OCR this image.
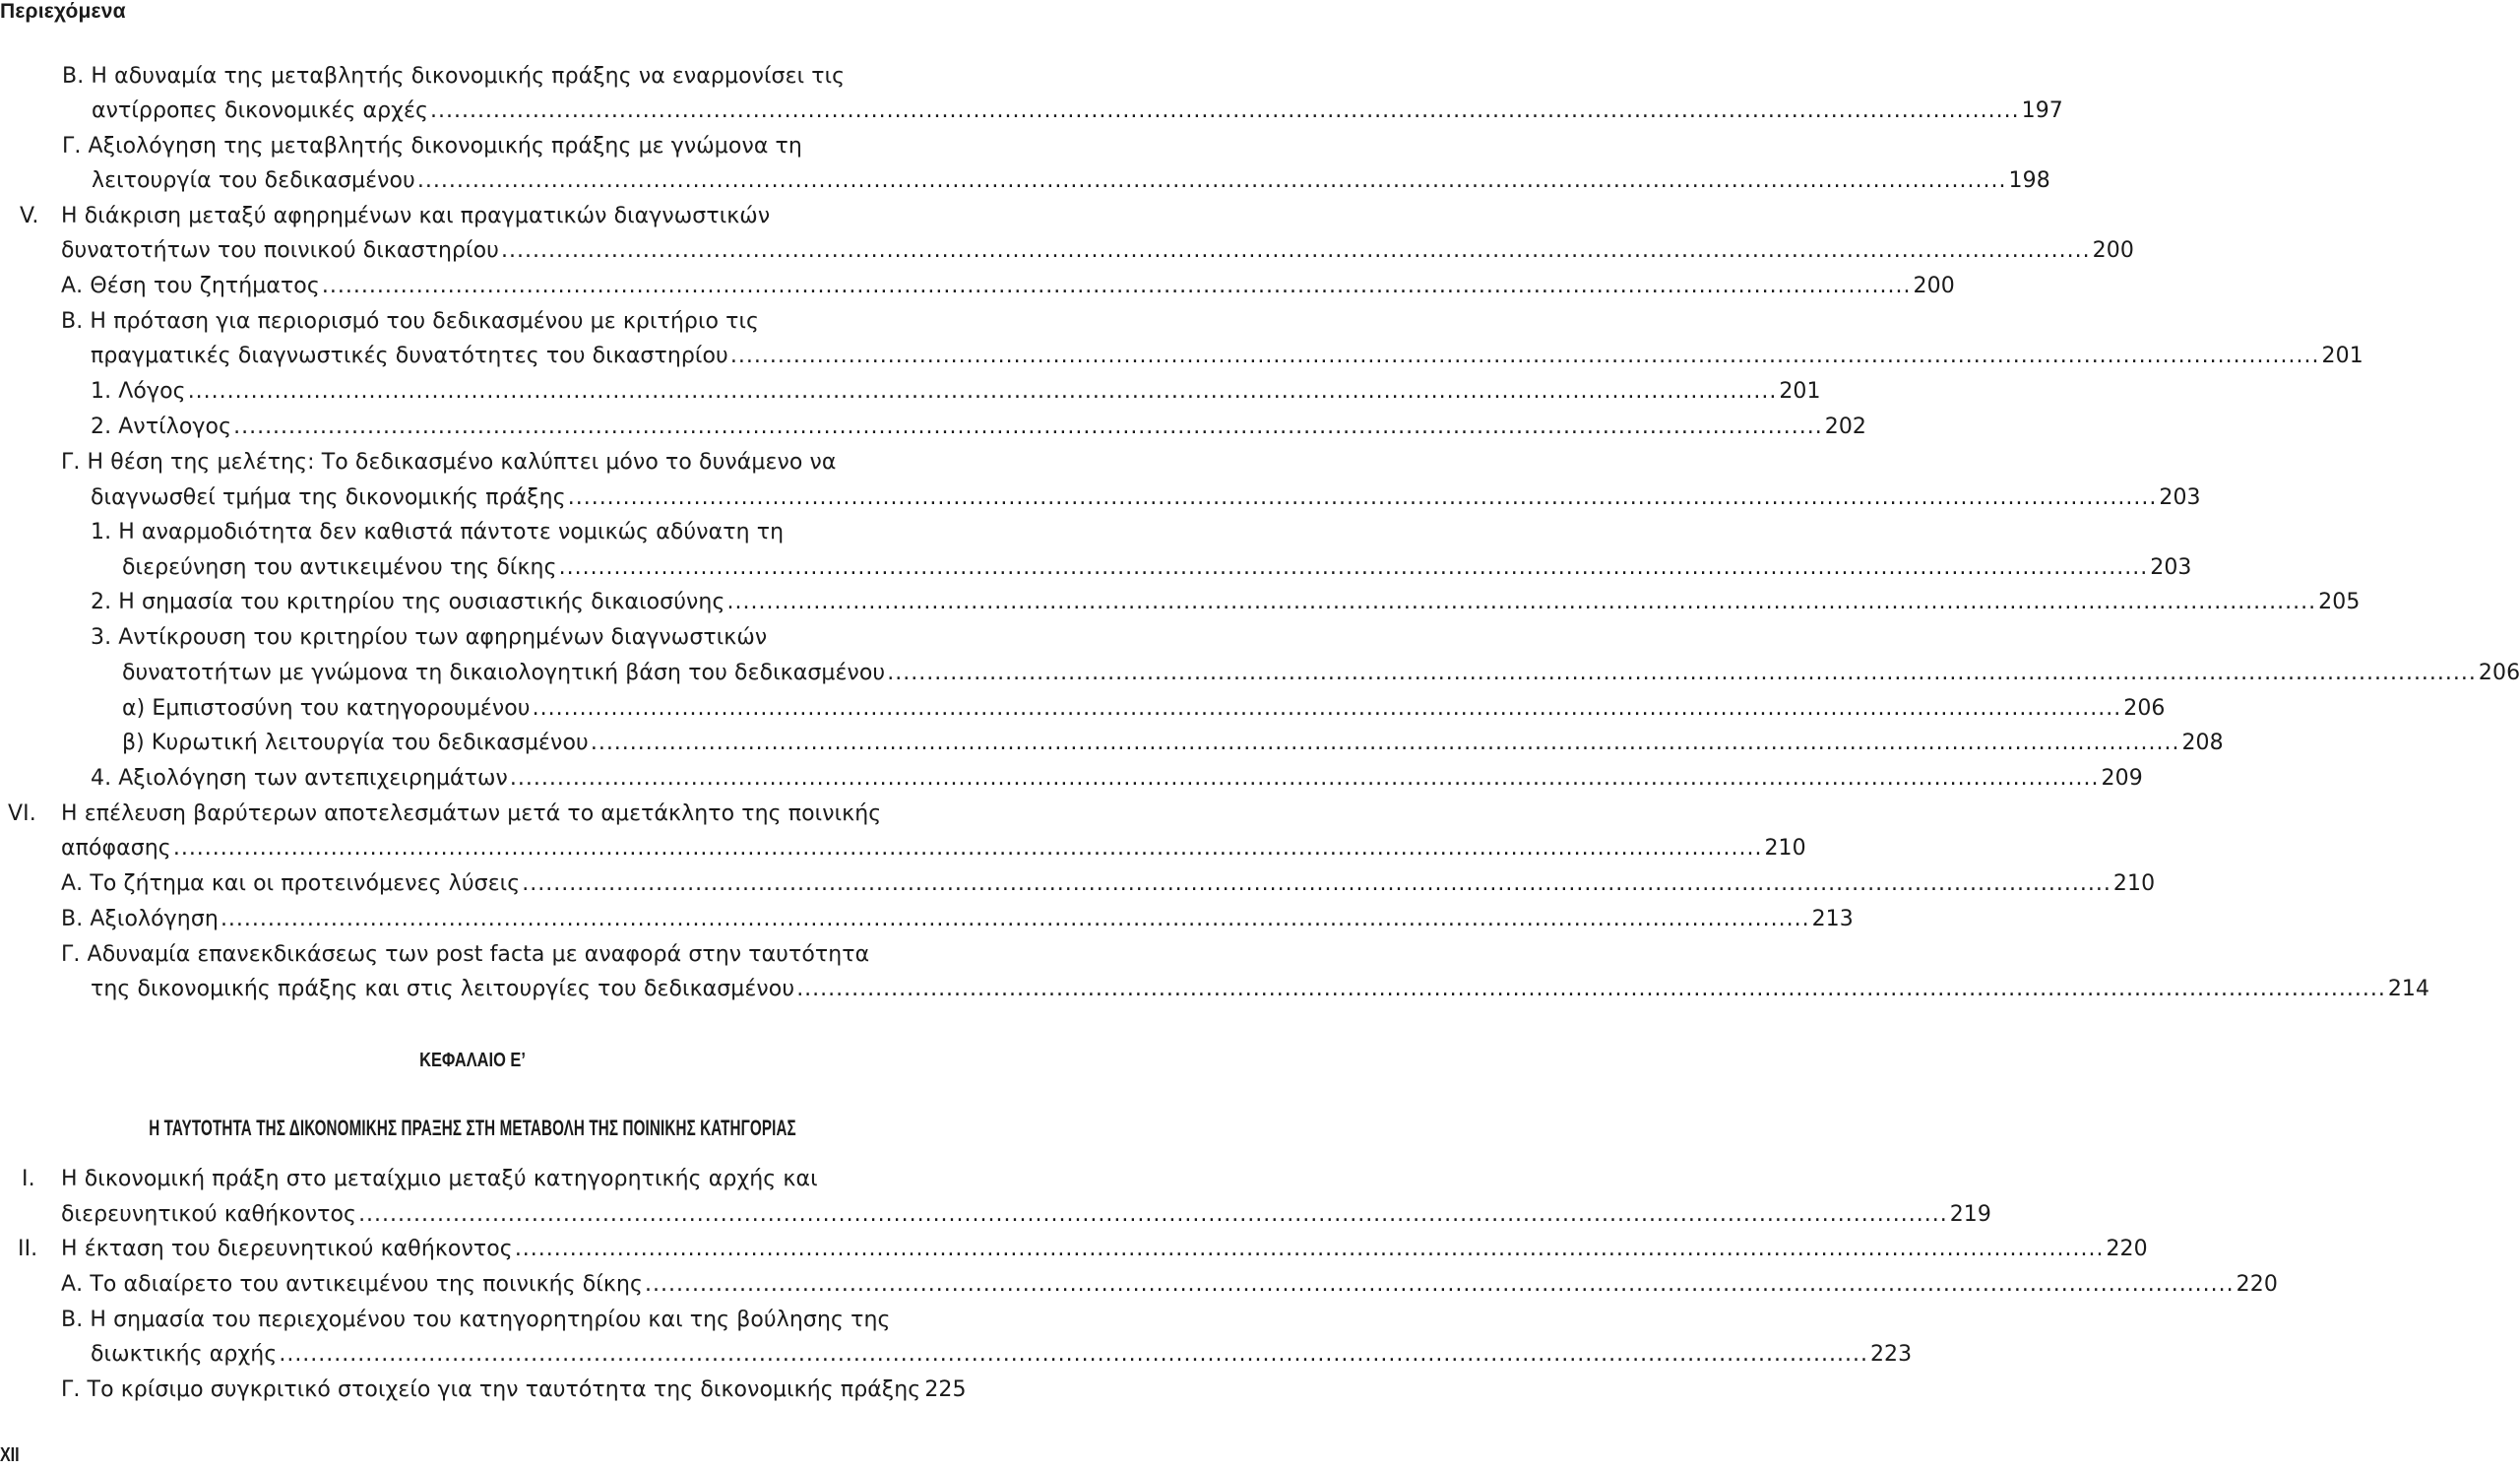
Περιεχόμενα
Β. Η αδυναμία της μεταβλητής δικονομικής πράξης να εναρμονίσει τις
αντίρροπες δικονομικές αρχές .....	197
Γ. Αξιολόγηση της μεταβλητής δικονομικής πράξης με γνώμονα τη
λειτουργία του δεδικασμένου .....	198
V. Η διάκριση μεταξύ αφηρημένων και πραγματικών διαγνωστικών
δυνατοτήτων του ποινικού δικαστηρίου .....	200
Α. Θέση του ζητήματος .....	200
Β. Η πρόταση για περιορισμό του δεδικασμένου με κριτήριο τις
πραγματικές διαγνωστικές δυνατότητες του δικαστηρίου .....	201
1. Λόγος .....	201
2. Αντίλογος .....	202
Γ. Η θέση της μελέτης: Το δεδικασμένο καλύπτει μόνο το δυνάμενο να
διαγνωσθεί τμήμα της δικονομικής πράξης .....	203
1. Η αναρμοδιότητα δεν καθιστά πάντοτε νομικώς αδύνατη τη
διερεύνηση του αντικειμένου της δίκης .....	203
2. Η σημασία του κριτηρίου της ουσιαστικής δικαιοσύνης .....	205
3. Αντίκρουση του κριτηρίου των αφηρημένων διαγνωστικών
δυνατοτήτων με γνώμονα τη δικαιολογητική βάση του δεδικασμένου .....	206
α) Εμπιστοσύνη του κατηγορουμένου .....	206
β) Κυρωτική λειτουργία του δεδικασμένου .....	208
4. Αξιολόγηση των αντεπιχειρημάτων .....	209
VI. Η επέλευση βαρύτερων αποτελεσμάτων μετά το αμετάκλητο της ποινικής
απόφασης .....	210
Α. Το ζήτημα και οι προτεινόμενες λύσεις .....	210
Β. Αξιολόγηση .....	213
Γ. Αδυναμία επανεκδικάσεως των post facta με αναφορά στην ταυτότητα
της δικονομικής πράξης και στις λειτουργίες του δεδικασμένου .....	214
ΚΕΦΑΛΑΙΟ Ε’
Η ΤΑΥΤΟΤΗΤΑ ΤΗΣ ΔΙΚΟΝΟΜΙΚΗΣ ΠΡΑΞΗΣ ΣΤΗ ΜΕΤΑΒΟΛΗ ΤΗΣ ΠΟΙΝΙΚΗΣ ΚΑΤΗΓΟΡΙΑΣ
I. Η δικονομική πράξη στο μεταίχμιο μεταξύ κατηγορητικής αρχής και
διερευνητικού καθήκοντος .....	219
II. Η έκταση του διερευνητικού καθήκοντος .....	220
Α. Το αδιαίρετο του αντικειμένου της ποινικής δίκης .....	220
Β. Η σημασία του περιεχομένου του κατηγορητηρίου και της βούλησης της
διωκτικής αρχής .....	223
Γ. Το κρίσιμο συγκριτικό στοιχείο για την ταυτότητα της δικονομικής πράξης 225
XII
